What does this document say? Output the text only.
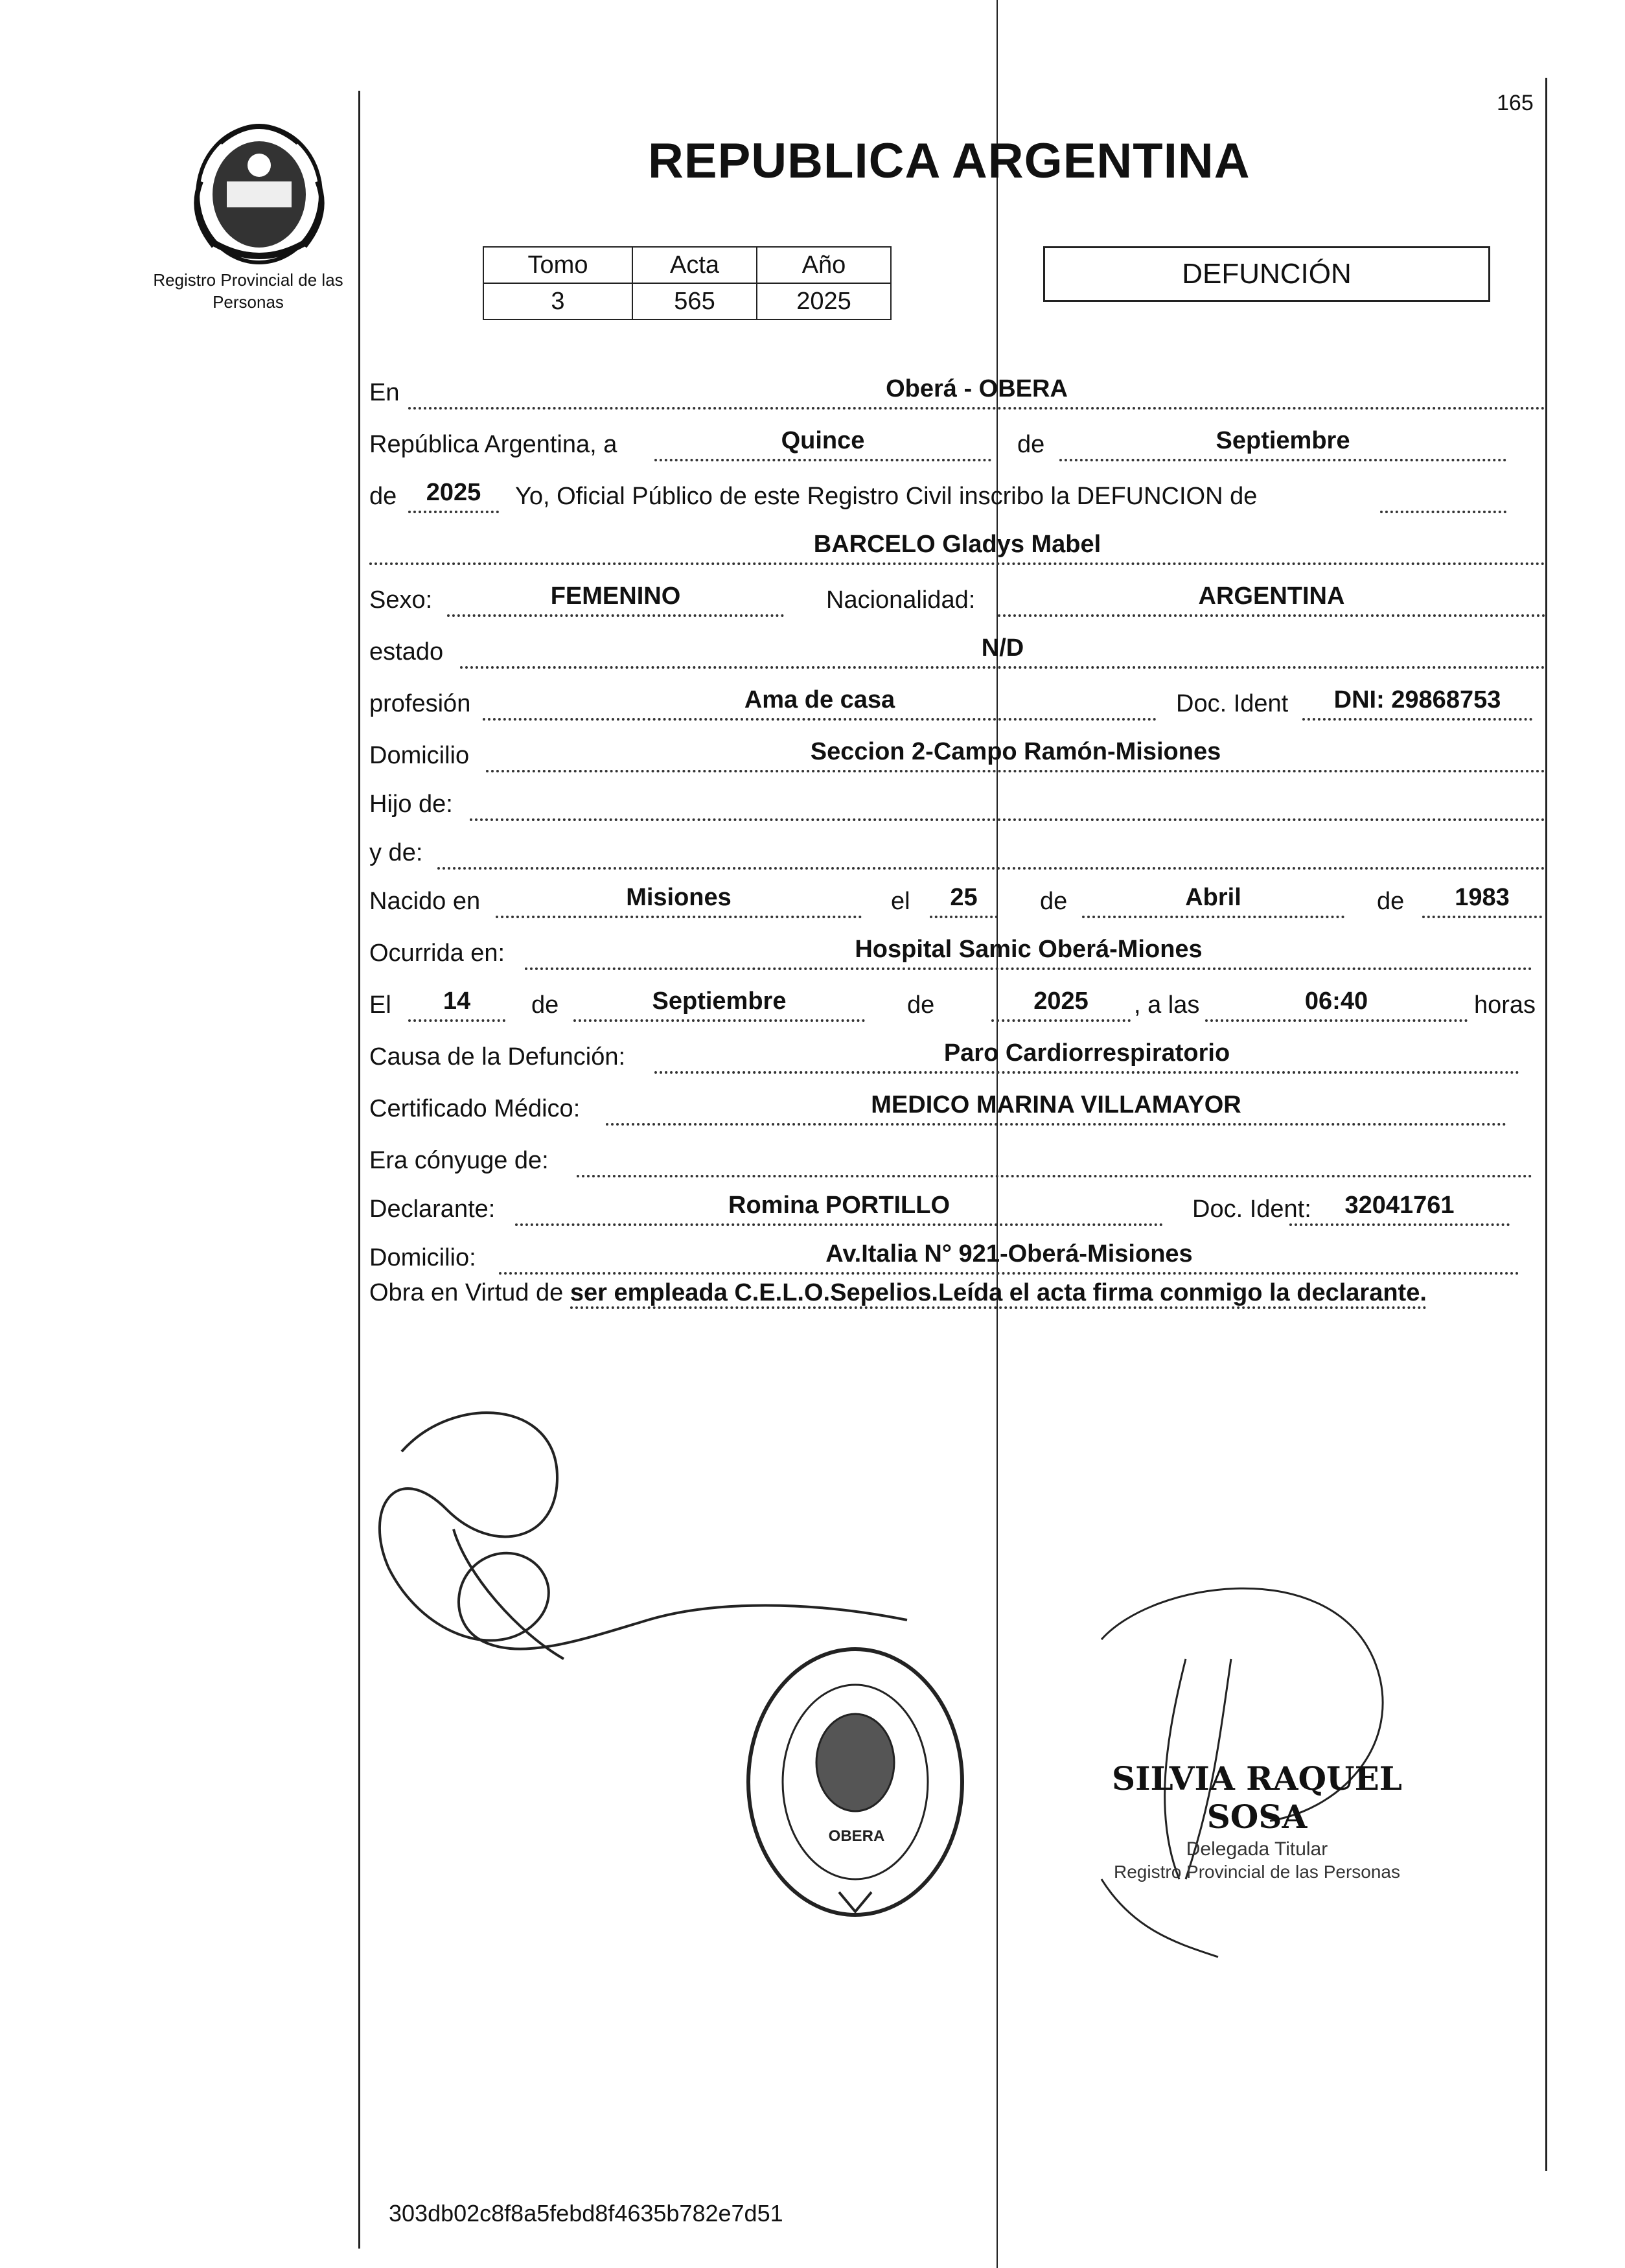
165
Registro Provincial de las Personas
REPUBLICA ARGENTINA
Tomo	Acta	Año
3	565	2025
DEFUNCIÓN
En	Oberá - OBERA
República Argentina, a	Quince	de	Septiembre
de	2025	Yo, Oficial Público de este Registro Civil inscribo la DEFUNCION de
BARCELO Gladys Mabel
Sexo:	FEMENINO	Nacionalidad:	ARGENTINA
estado	N/D
profesión	Ama de casa	Doc. Ident	DNI: 29868753
Domicilio	Seccion 2-Campo Ramón-Misiones
Hijo de:
y de:
Nacido en	Misiones	el	25	de	Abril	de	1983
Ocurrida en:	Hospital Samic Oberá-Miones
El	14	de	Septiembre	de	2025	, a las	06:40	horas
Causa de la Defunción:	Paro Cardiorrespiratorio
Certificado Médico:	MEDICO MARINA VILLAMAYOR
Era cónyuge de:
Declarante:	Romina PORTILLO	Doc. Ident:	32041761
Domicilio:	Av.Italia N° 921-Oberá-Misiones
Obra en Virtud de ser empleada C.E.L.O.Sepelios.Leída el acta firma conmigo la declarante.
OBERA
SILVIA RAQUEL SOSA
Delegada Titular
Registro Provincial de las Personas
303db02c8f8a5febd8f4635b782e7d51
